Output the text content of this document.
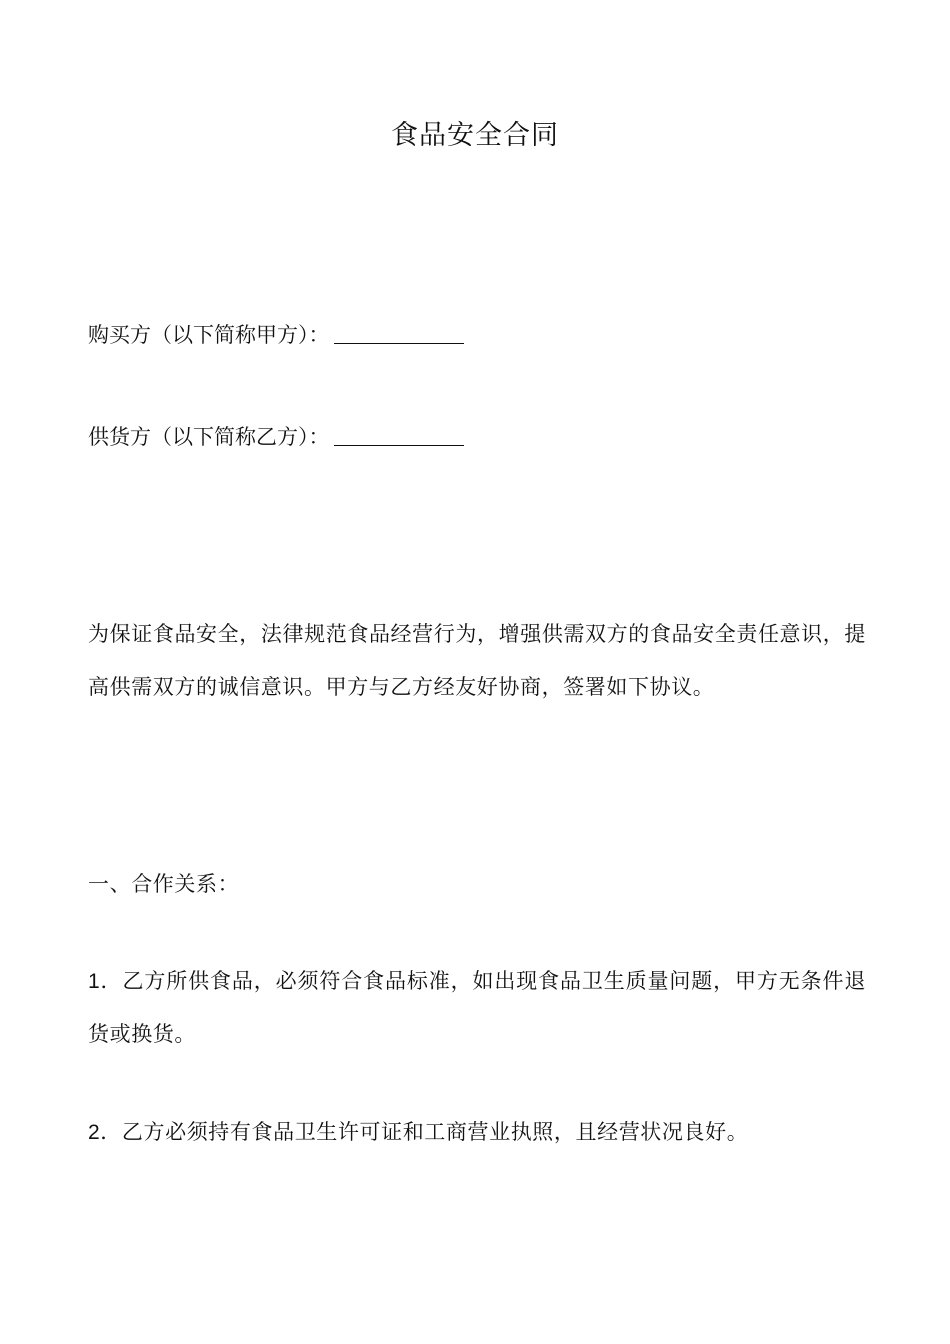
食品安全合同
购买方（以下简称甲方）：
供货方（以下简称乙方）：
为保证食品安全，法律规范食品经营行为，增强供需双方的食品安全责任意识，提高供需双方的诚信意识。甲方与乙方经友好协商，签署如下协议。
一、合作关系：
1．乙方所供食品，必须符合食品标准，如出现食品卫生质量问题，甲方无条件退货或换货。
2．乙方必须持有食品卫生许可证和工商营业执照，且经营状况良好。
